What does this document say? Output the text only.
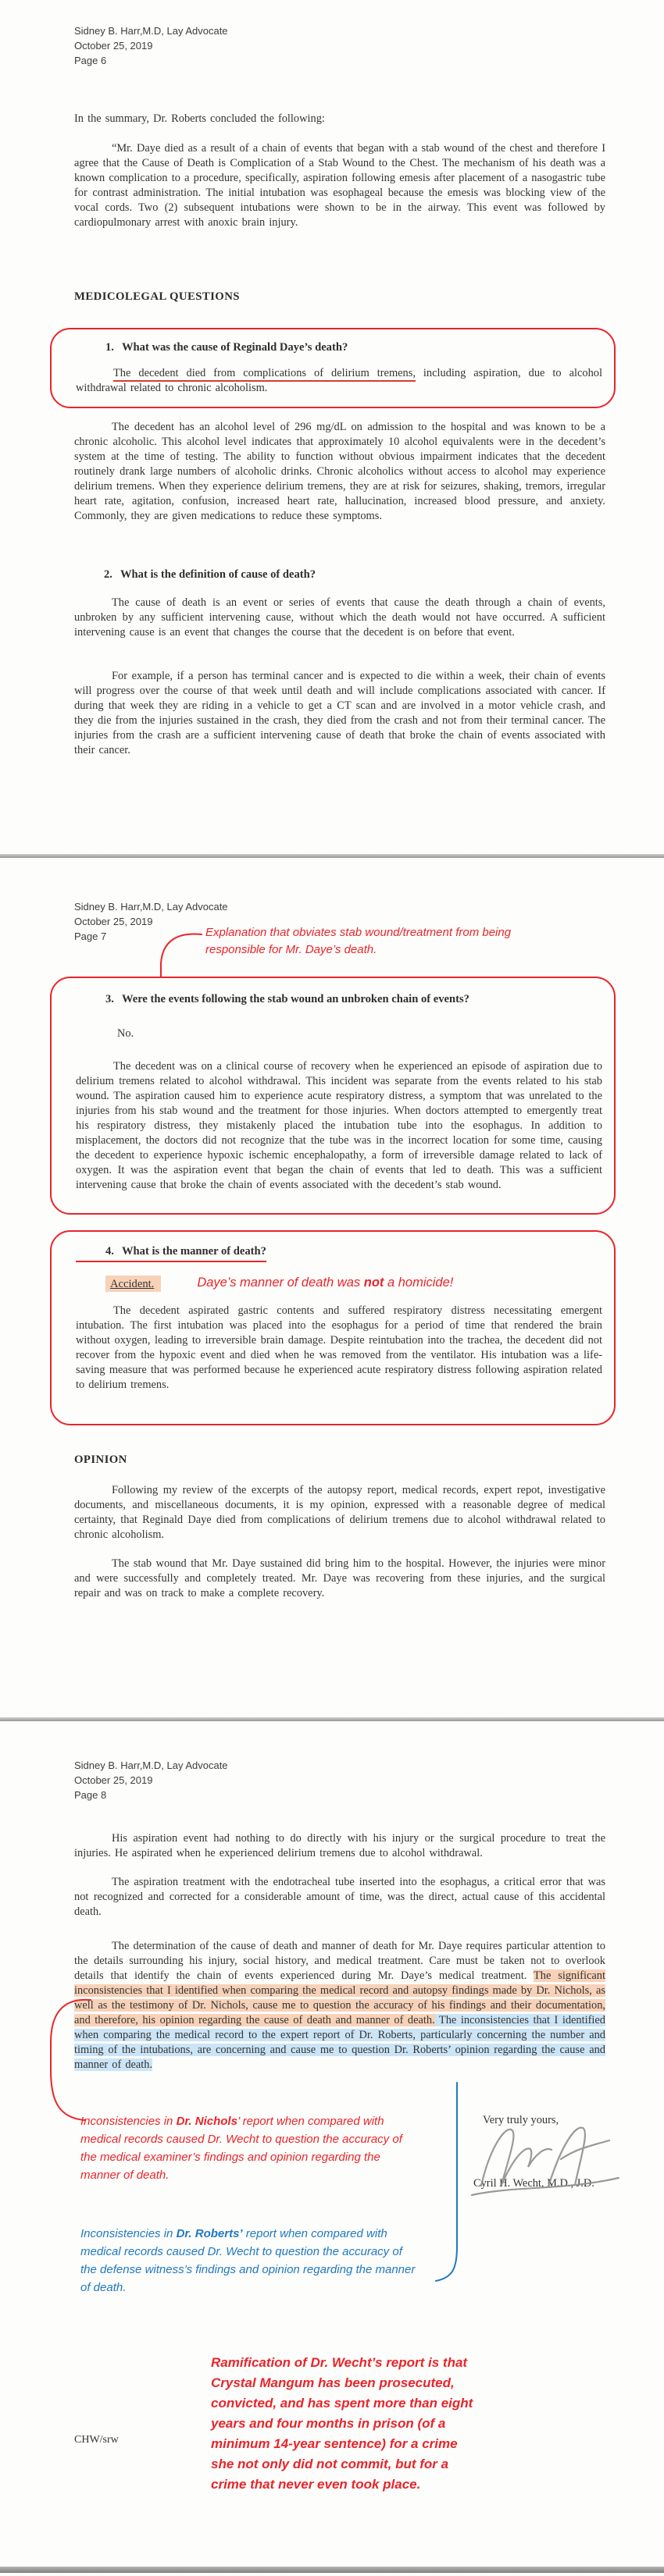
Sidney B. Harr,M.D, Lay Advocate
October 25, 2019
Page 6
In the summary, Dr. Roberts concluded the following:
“Mr. Daye died as a result of a chain of events that began with a stab wound of the chest and therefore I agree that the Cause of Death is Complication of a Stab Wound to the Chest. The mechanism of his death was a known complication to a procedure, specifically, aspiration following emesis after placement of a nasogastric tube for contrast administration. The initial intubation was esophageal because the emesis was blocking view of the vocal cords. Two (2) subsequent intubations were shown to be in the airway. This event was followed by cardiopulmonary arrest with anoxic brain injury.
MEDICOLEGAL QUESTIONS
1. What was the cause of Reginald Daye’s death?
The decedent died from complications of delirium tremens, including aspiration, due to alcohol withdrawal related to chronic alcoholism.
The decedent has an alcohol level of 296 mg/dL on admission to the hospital and was known to be a chronic alcoholic. This alcohol level indicates that approximately 10 alcohol equivalents were in the decedent’s system at the time of testing. The ability to function without obvious impairment indicates that the decedent routinely drank large numbers of alcoholic drinks. Chronic alcoholics without access to alcohol may experience delirium tremens. When they experience delirium tremens, they are at risk for seizures, shaking, tremors, irregular heart rate, agitation, confusion, increased heart rate, hallucination, increased blood pressure, and anxiety. Commonly, they are given medications to reduce these symptoms.
2. What is the definition of cause of death?
The cause of death is an event or series of events that cause the death through a chain of events, unbroken by any sufficient intervening cause, without which the death would not have occurred. A sufficient intervening cause is an event that changes the course that the decedent is on before that event.
For example, if a person has terminal cancer and is expected to die within a week, their chain of events will progress over the course of that week until death and will include complications associated with cancer. If during that week they are riding in a vehicle to get a CT scan and are involved in a motor vehicle crash, and they die from the injuries sustained in the crash, they died from the crash and not from their terminal cancer. The injuries from the crash are a sufficient intervening cause of death that broke the chain of events associated with their cancer.
Sidney B. Harr,M.D, Lay Advocate
October 25, 2019
Page 7	Explanation that obviates stab wound/treatment from being responsible for Mr. Daye’s death.
3. Were the events following the stab wound an unbroken chain of events?
No.
The decedent was on a clinical course of recovery when he experienced an episode of aspiration due to delirium tremens related to alcohol withdrawal. This incident was separate from the events related to his stab wound. The aspiration caused him to experience acute respiratory distress, a symptom that was unrelated to the injuries from his stab wound and the treatment for those injuries. When doctors attempted to emergently treat his respiratory distress, they mistakenly placed the intubation tube into the esophagus. In addition to misplacement, the doctors did not recognize that the tube was in the incorrect location for some time, causing the decedent to experience hypoxic ischemic encephalopathy, a form of irreversible damage related to lack of oxygen. It was the aspiration event that began the chain of events that led to death. This was a sufficient intervening cause that broke the chain of events associated with the decedent’s stab wound.
4. What is the manner of death?
Accident.	Daye’s manner of death was not a homicide!
The decedent aspirated gastric contents and suffered respiratory distress necessitating emergent intubation. The first intubation was placed into the esophagus for a period of time that rendered the brain without oxygen, leading to irreversible brain damage. Despite reintubation into the trachea, the decedent did not recover from the hypoxic event and died when he was removed from the ventilator. His intubation was a life-saving measure that was performed because he experienced acute respiratory distress following aspiration related to delirium tremens.
OPINION
Following my review of the excerpts of the autopsy report, medical records, expert repot, investigative documents, and miscellaneous documents, it is my opinion, expressed with a reasonable degree of medical certainty, that Reginald Daye died from complications of delirium tremens due to alcohol withdrawal related to chronic alcoholism.
The stab wound that Mr. Daye sustained did bring him to the hospital. However, the injuries were minor and were successfully and completely treated. Mr. Daye was recovering from these injuries, and the surgical repair and was on track to make a complete recovery.
Sidney B. Harr,M.D, Lay Advocate
October 25, 2019
Page 8
His aspiration event had nothing to do directly with his injury or the surgical procedure to treat the injuries. He aspirated when he experienced delirium tremens due to alcohol withdrawal.
The aspiration treatment with the endotracheal tube inserted into the esophagus, a critical error that was not recognized and corrected for a considerable amount of time, was the direct, actual cause of this accidental death.
The determination of the cause of death and manner of death for Mr. Daye requires particular attention to the details surrounding his injury, social history, and medical treatment. Care must be taken not to overlook details that identify the chain of events experienced during Mr. Daye’s medical treatment. The significant inconsistencies that I identified when comparing the medical record and autopsy findings made by Dr. Nichols, as well as the testimony of Dr. Nichols, cause me to question the accuracy of his findings and their documentation, and therefore, his opinion regarding the cause of death and manner of death. The inconsistencies that I identified when comparing the medical record to the expert report of Dr. Roberts, particularly concerning the number and timing of the intubations, are concerning and cause me to question Dr. Roberts’ opinion regarding the cause and manner of death.
Very truly yours,
Cyril H. Wecht, M.D., J.D.
Inconsistencies in Dr. Nichols’ report when compared with medical records caused Dr. Wecht to question the accuracy of the medical examiner’s findings and opinion regarding the manner of death.
Inconsistencies in Dr. Roberts’ report when compared with medical records caused Dr. Wecht to question the accuracy of the defense witness’s findings and opinion regarding the manner of death.
CHW/srw
Ramification of Dr. Wecht’s report is that Crystal Mangum has been prosecuted, convicted, and has spent more than eight years and four months in prison (of a minimum 14-year sentence) for a crime she not only did not commit, but for a crime that never even took place.
